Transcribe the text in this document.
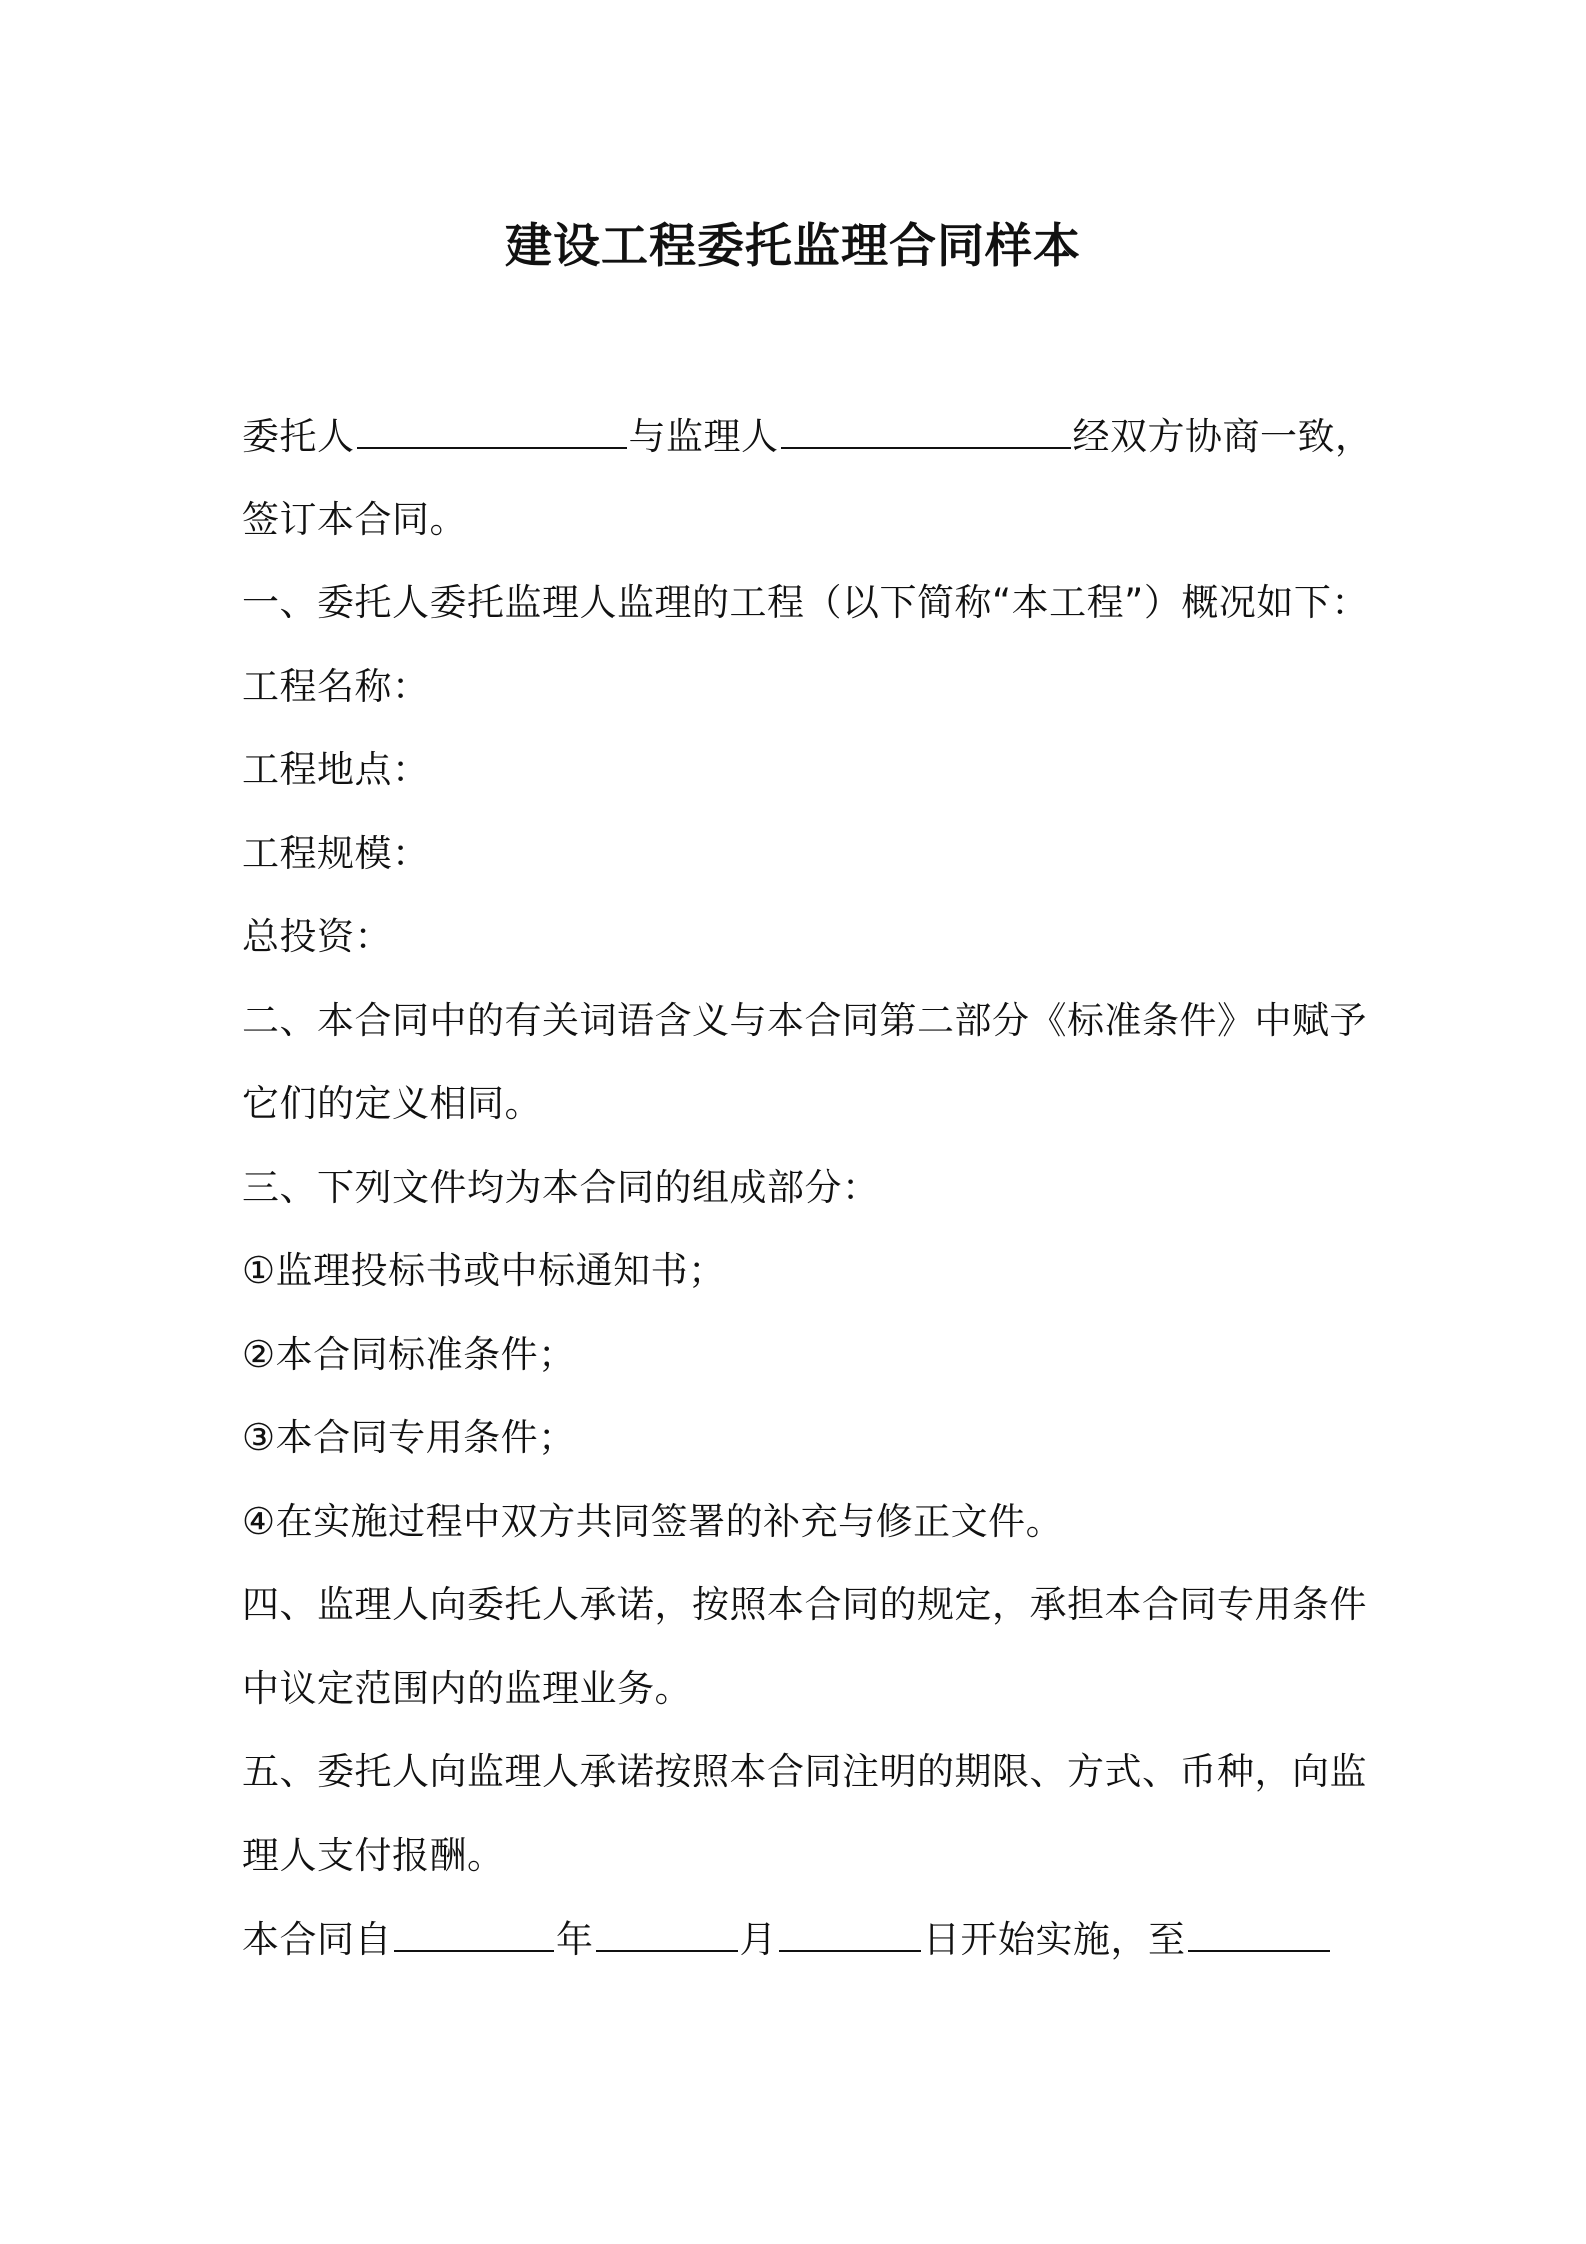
建设工程委托监理合同样本
委托人	与监理人	经双方协商一致，
签订本合同。
一、委托人委托监理人监理的工程（以下简称“本工程”）概况如下：
工程名称：
工程地点：
工程规模：
总投资：
二、本合同中的有关词语含义与本合同第二部分《标准条件》中赋予
它们的定义相同。
三、下列文件均为本合同的组成部分：
①监理投标书或中标通知书；
②本合同标准条件；
③本合同专用条件；
④在实施过程中双方共同签署的补充与修正文件。
四、监理人向委托人承诺，按照本合同的规定，承担本合同专用条件
中议定范围内的监理业务。
五、委托人向监理人承诺按照本合同注明的期限、方式、币种，向监
理人支付报酬。
本合同自	年	月	日开始实施，至
